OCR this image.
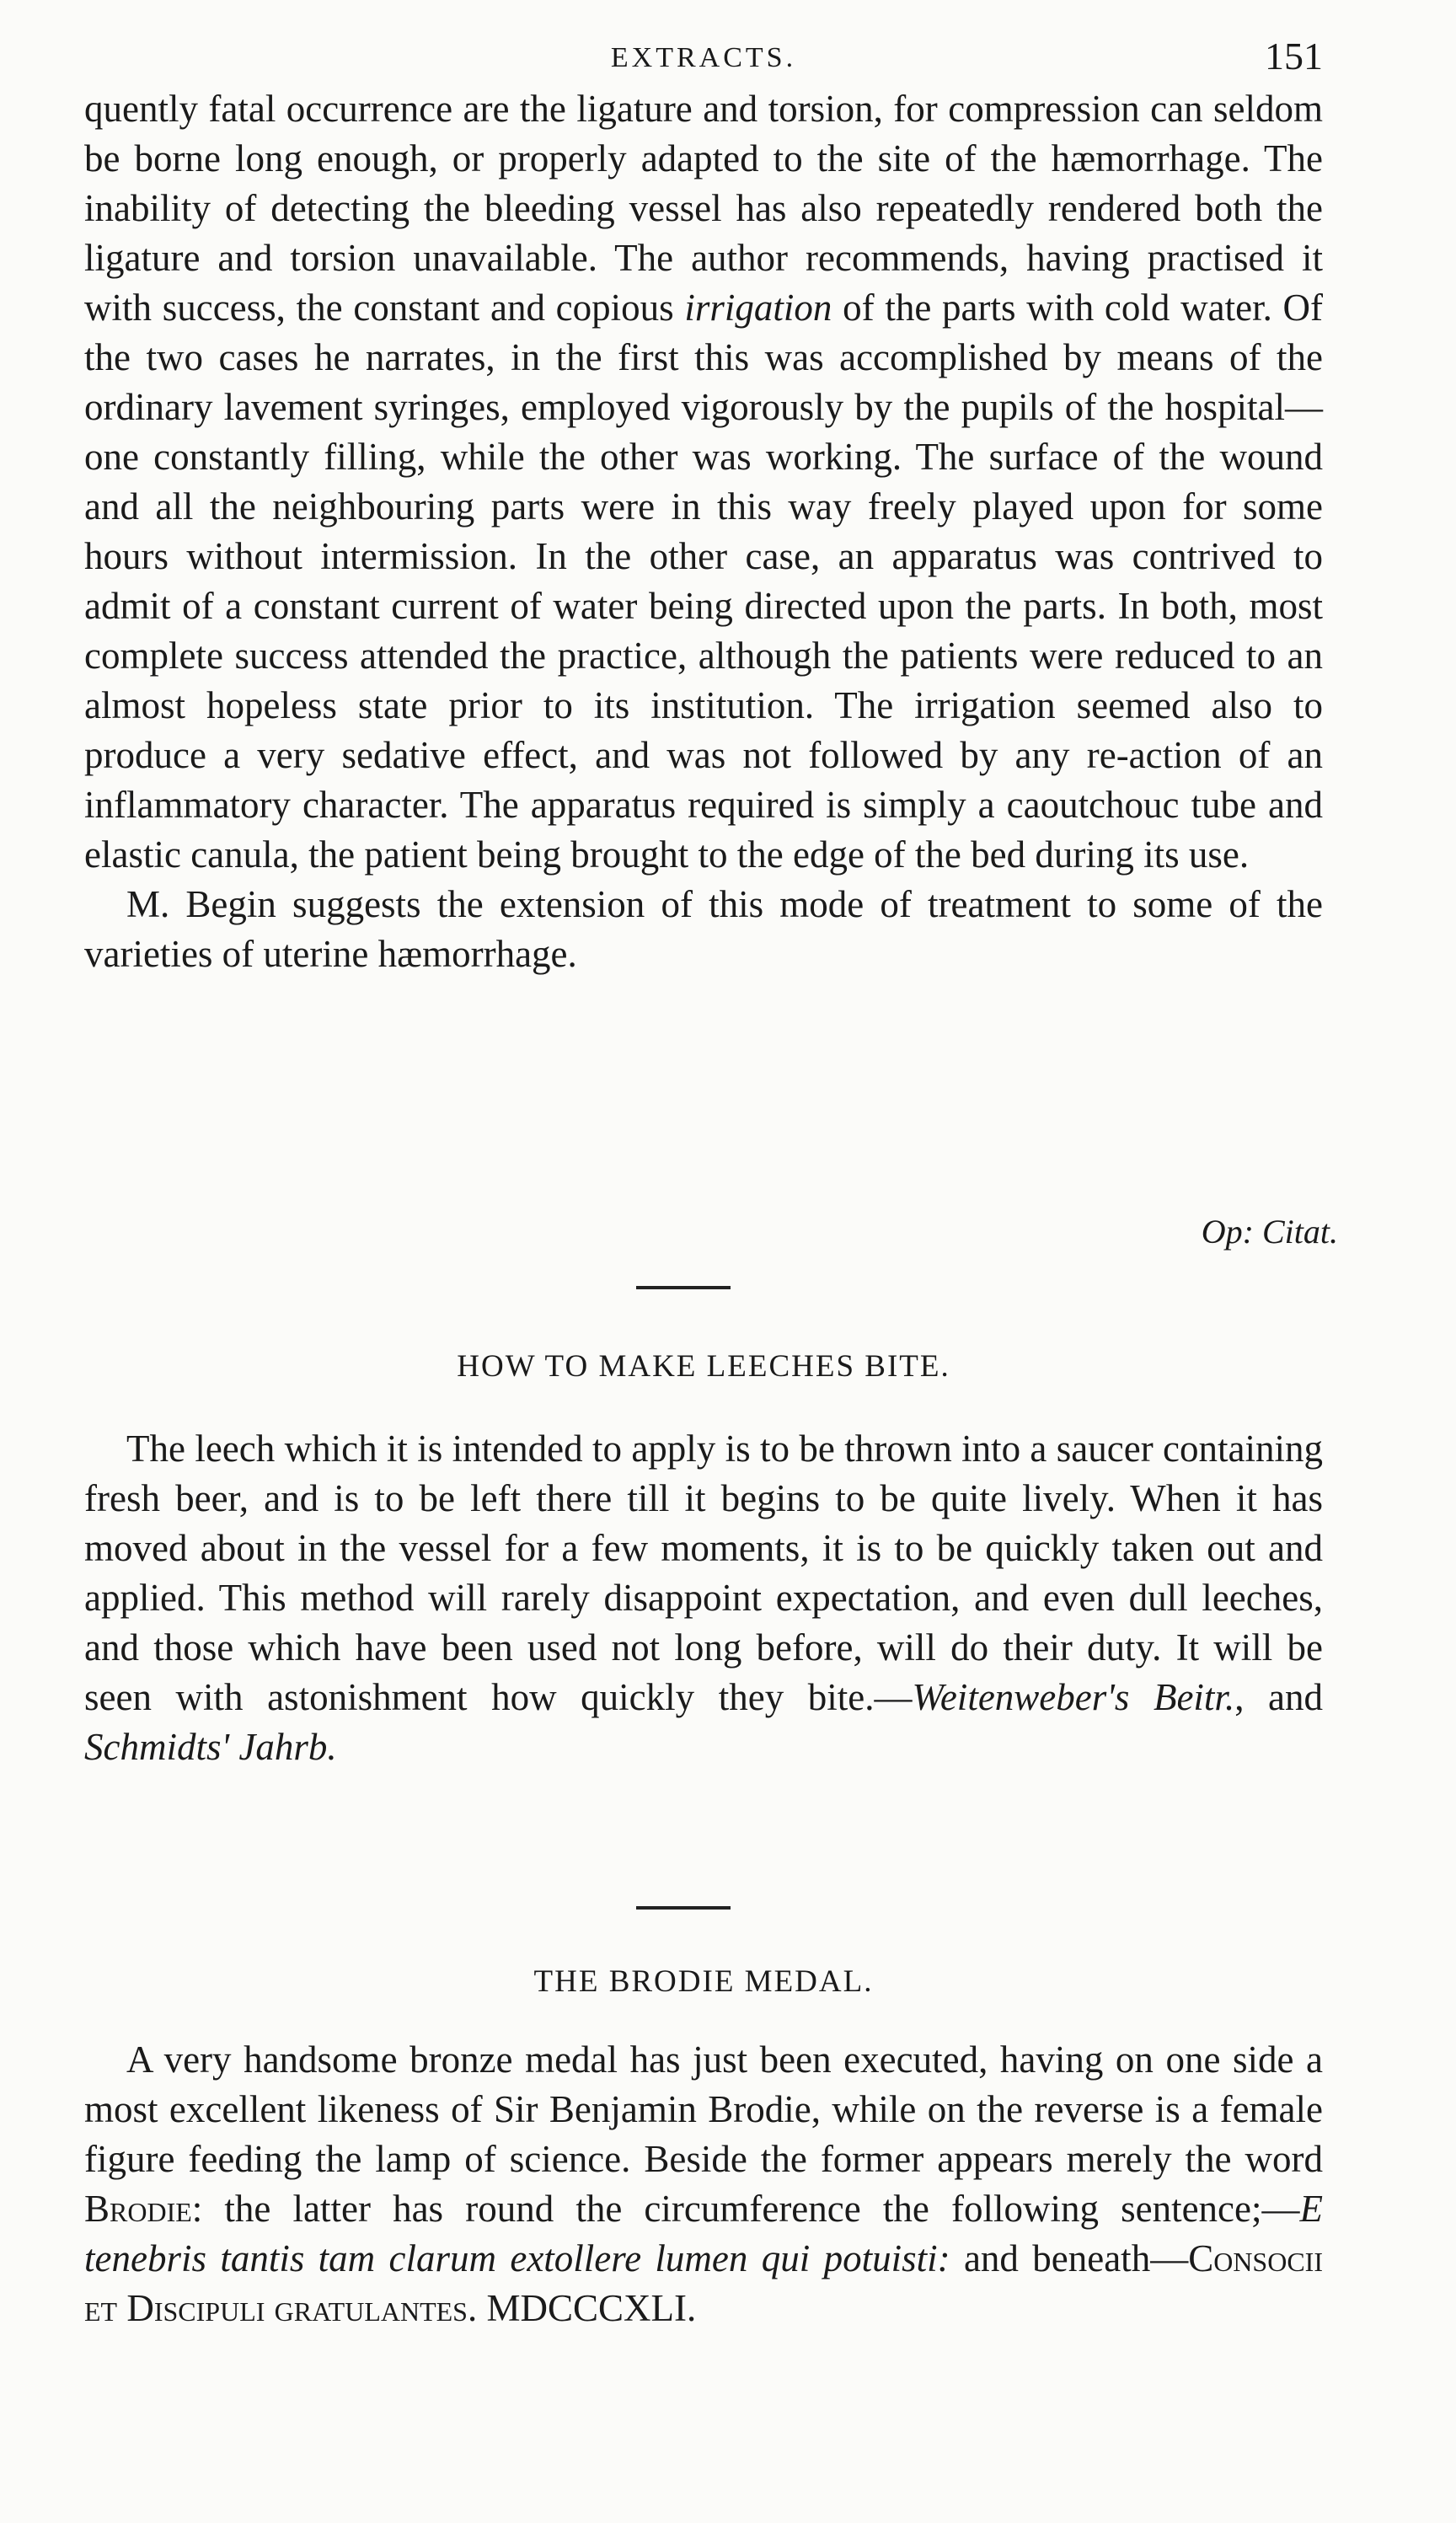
EXTRACTS.	151

quently fatal occurrence are the ligature and torsion, for compression can seldom be borne long enough, or properly adapted to the site of the hæmorrhage. The inability of detecting the bleeding vessel has also repeatedly rendered both the ligature and torsion unavailable. The author recommends, having practised it with success, the constant and copious irrigation of the parts with cold water. Of the two cases he narrates, in the first this was accomplished by means of the ordinary lavement syringes, employed vigorously by the pupils of the hospital—one constantly filling, while the other was working. The surface of the wound and all the neighbouring parts were in this way freely played upon for some hours without intermission. In the other case, an apparatus was contrived to admit of a constant current of water being directed upon the parts. In both, most complete success attended the practice, although the patients were reduced to an almost hopeless state prior to its institution. The irrigation seemed also to produce a very sedative effect, and was not followed by any re-action of an inflammatory character. The apparatus required is simply a caoutchouc tube and elastic canula, the patient being brought to the edge of the bed during its use.

M. Begin suggests the extension of this mode of treatment to some of the varieties of uterine hæmorrhage.

Op: Citat.
HOW TO MAKE LEECHES BITE.

The leech which it is intended to apply is to be thrown into a saucer containing fresh beer, and is to be left there till it begins to be quite lively. When it has moved about in the vessel for a few moments, it is to be quickly taken out and applied. This method will rarely disappoint expectation, and even dull leeches, and those which have been used not long before, will do their duty. It will be seen with astonishment how quickly they bite.—Weitenweber's Beitr., and Schmidts' Jahrb.

THE BRODIE MEDAL.

A very handsome bronze medal has just been executed, having on one side a most excellent likeness of Sir Benjamin Brodie, while on the reverse is a female figure feeding the lamp of science. Beside the former appears merely the word Brodie: the latter has round the circumference the following sentence;—E tenebris tantis tam clarum extollere lumen qui potuisti: and beneath—Consocii et Discipuli gratulantes. MDCCCXLI.
